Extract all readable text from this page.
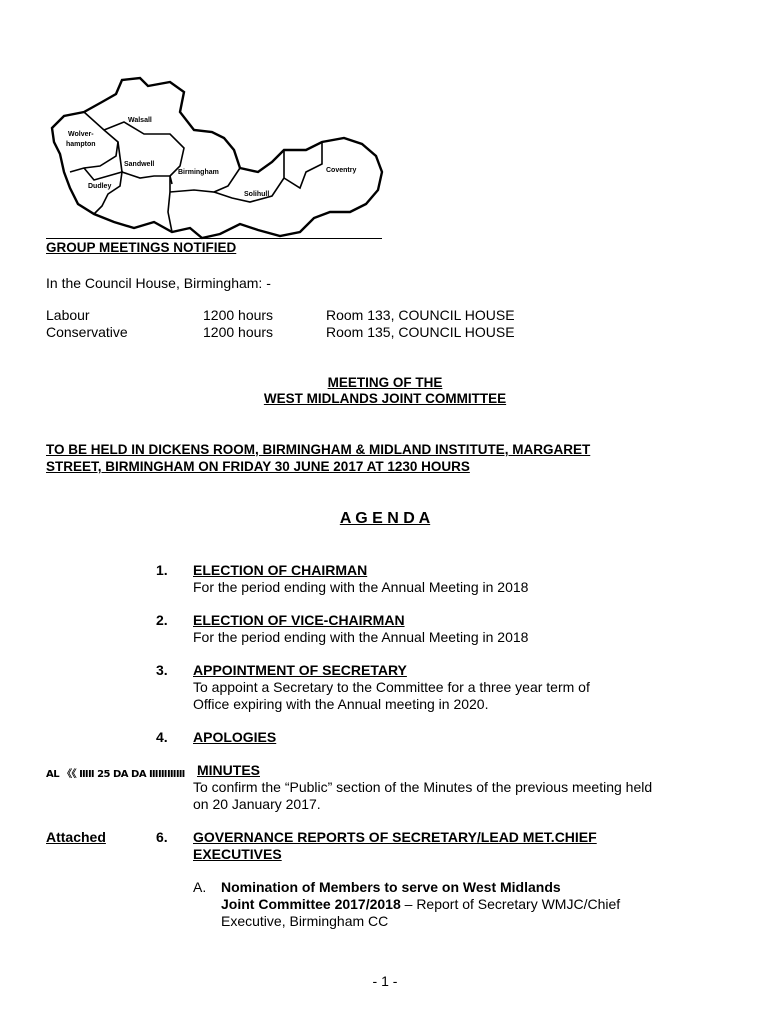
Walsall
Wolver-
hampton
Sandwell
Dudley
Birmingham
Solihull
Coventry
GROUP MEETINGS NOTIFIED
In the Council House, Birmingham: -
Labour	1200 hours	Room 133, COUNCIL HOUSE
Conservative	1200 hours	Room 135, COUNCIL HOUSE
MEETING OF THE
WEST MIDLANDS JOINT COMMITTEE
TO BE HELD IN DICKENS ROOM, BIRMINGHAM & MIDLAND INSTITUTE, MARGARET
STREET, BIRMINGHAM ON FRIDAY 30 JUNE 2017 AT 1230 HOURS
A G E N D A
1. ELECTION OF CHAIRMAN
For the period ending with the Annual Meeting in 2018
2. ELECTION OF VICE-CHAIRMAN
For the period ending with the Annual Meeting in 2018
3. APPOINTMENT OF SECRETARY
To appoint a Secretary to the Committee for a three year term of
Office expiring with the Annual meeting in 2020.
4. APOLOGIES
AL 《《 ⅢⅡ 25 DA DA ⅢⅢⅢⅢ MINUTES
To confirm the “Public” section of the Minutes of the previous meeting held
on 20 January 2017.
Attached	6. GOVERNANCE REPORTS OF SECRETARY/LEAD MET.CHIEF
EXECUTIVES
A. Nomination of Members to serve on West Midlands
Joint Committee 2017/2018 – Report of Secretary WMJC/Chief
Executive, Birmingham CC
- 1 -
